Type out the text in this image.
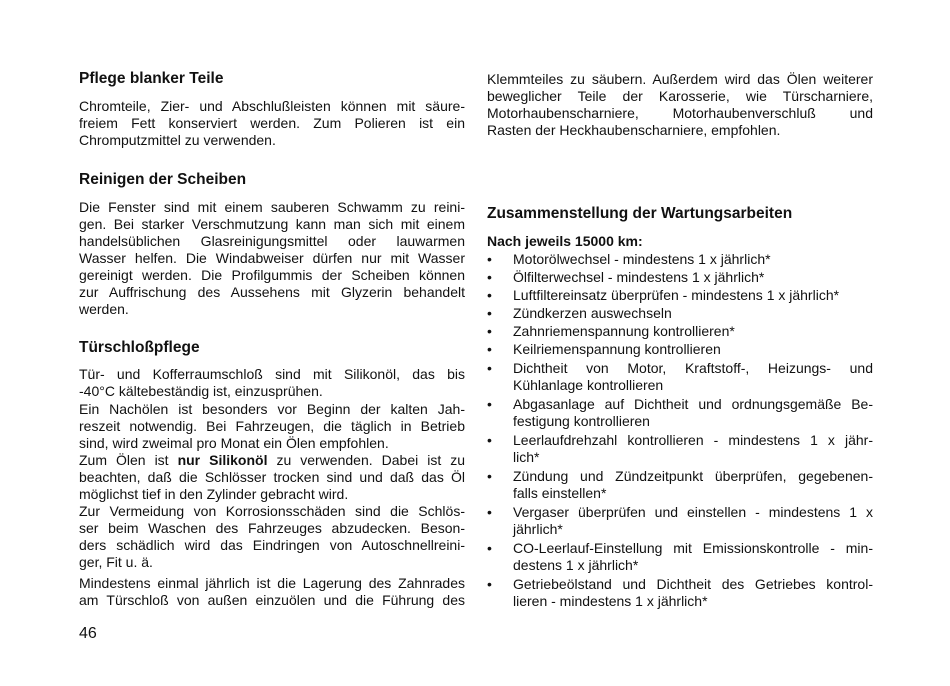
Pflege blanker Teile
Chromteile, Zier- und Abschlußleisten können mit säure-
freiem Fett konserviert werden. Zum Polieren ist ein
Chromputzmittel zu verwenden.
Reinigen der Scheiben
Die Fenster sind mit einem sauberen Schwamm zu reini-
gen. Bei starker Verschmutzung kann man sich mit einem
handelsüblichen Glasreinigungsmittel oder lauwarmen
Wasser helfen. Die Windabweiser dürfen nur mit Wasser
gereinigt werden. Die Profilgummis der Scheiben können
zur Auffrischung des Aussehens mit Glyzerin behandelt
werden.
Türschloßpflege
Tür- und Kofferraumschloß sind mit Silikonöl, das bis
-40°C kältebeständig ist, einzusprühen.
Ein Nachölen ist besonders vor Beginn der kalten Jah-
reszeit notwendig. Bei Fahrzeugen, die täglich in Betrieb
sind, wird zweimal pro Monat ein Ölen empfohlen.
Zum Ölen ist nur Silikonöl zu verwenden. Dabei ist zu
beachten, daß die Schlösser trocken sind und daß das Öl
möglichst tief in den Zylinder gebracht wird.
Zur Vermeidung von Korrosionsschäden sind die Schlös-
ser beim Waschen des Fahrzeuges abzudecken. Beson-
ders schädlich wird das Eindringen von Autoschnellreini-
ger, Fit u. ä.
Mindestens einmal jährlich ist die Lagerung des Zahnrades
am Türschloß von außen einzuölen und die Führung des
Klemmteiles zu säubern. Außerdem wird das Ölen weiterer
beweglicher Teile der Karosserie, wie Türscharniere,
Motorhaubenscharniere, Motorhaubenverschluß und
Rasten der Heckhaubenscharniere, empfohlen.
Zusammenstellung der Wartungsarbeiten
Nach jeweils 15000 km:
• Motorölwechsel - mindestens 1 x jährlich*
• Ölfilterwechsel - mindestens 1 x jährlich*
• Luftfiltereinsatz überprüfen - mindestens 1 x jährlich*
• Zündkerzen auswechseln
• Zahnriemenspannung kontrollieren*
• Keilriemenspannung kontrollieren
• Dichtheit von Motor, Kraftstoff-, Heizungs- und
Kühlanlage kontrollieren
• Abgasanlage auf Dichtheit und ordnungsgemäße Be-
festigung kontrollieren
• Leerlaufdrehzahl kontrollieren - mindestens 1 x jähr-
lich*
• Zündung und Zündzeitpunkt überprüfen, gegebenen-
falls einstellen*
• Vergaser überprüfen und einstellen - mindestens 1 x
jährlich*
• CO-Leerlauf-Einstellung mit Emissionskontrolle - min-
destens 1 x jährlich*
• Getriebeölstand und Dichtheit des Getriebes kontrol-
lieren - mindestens 1 x jährlich*
46
